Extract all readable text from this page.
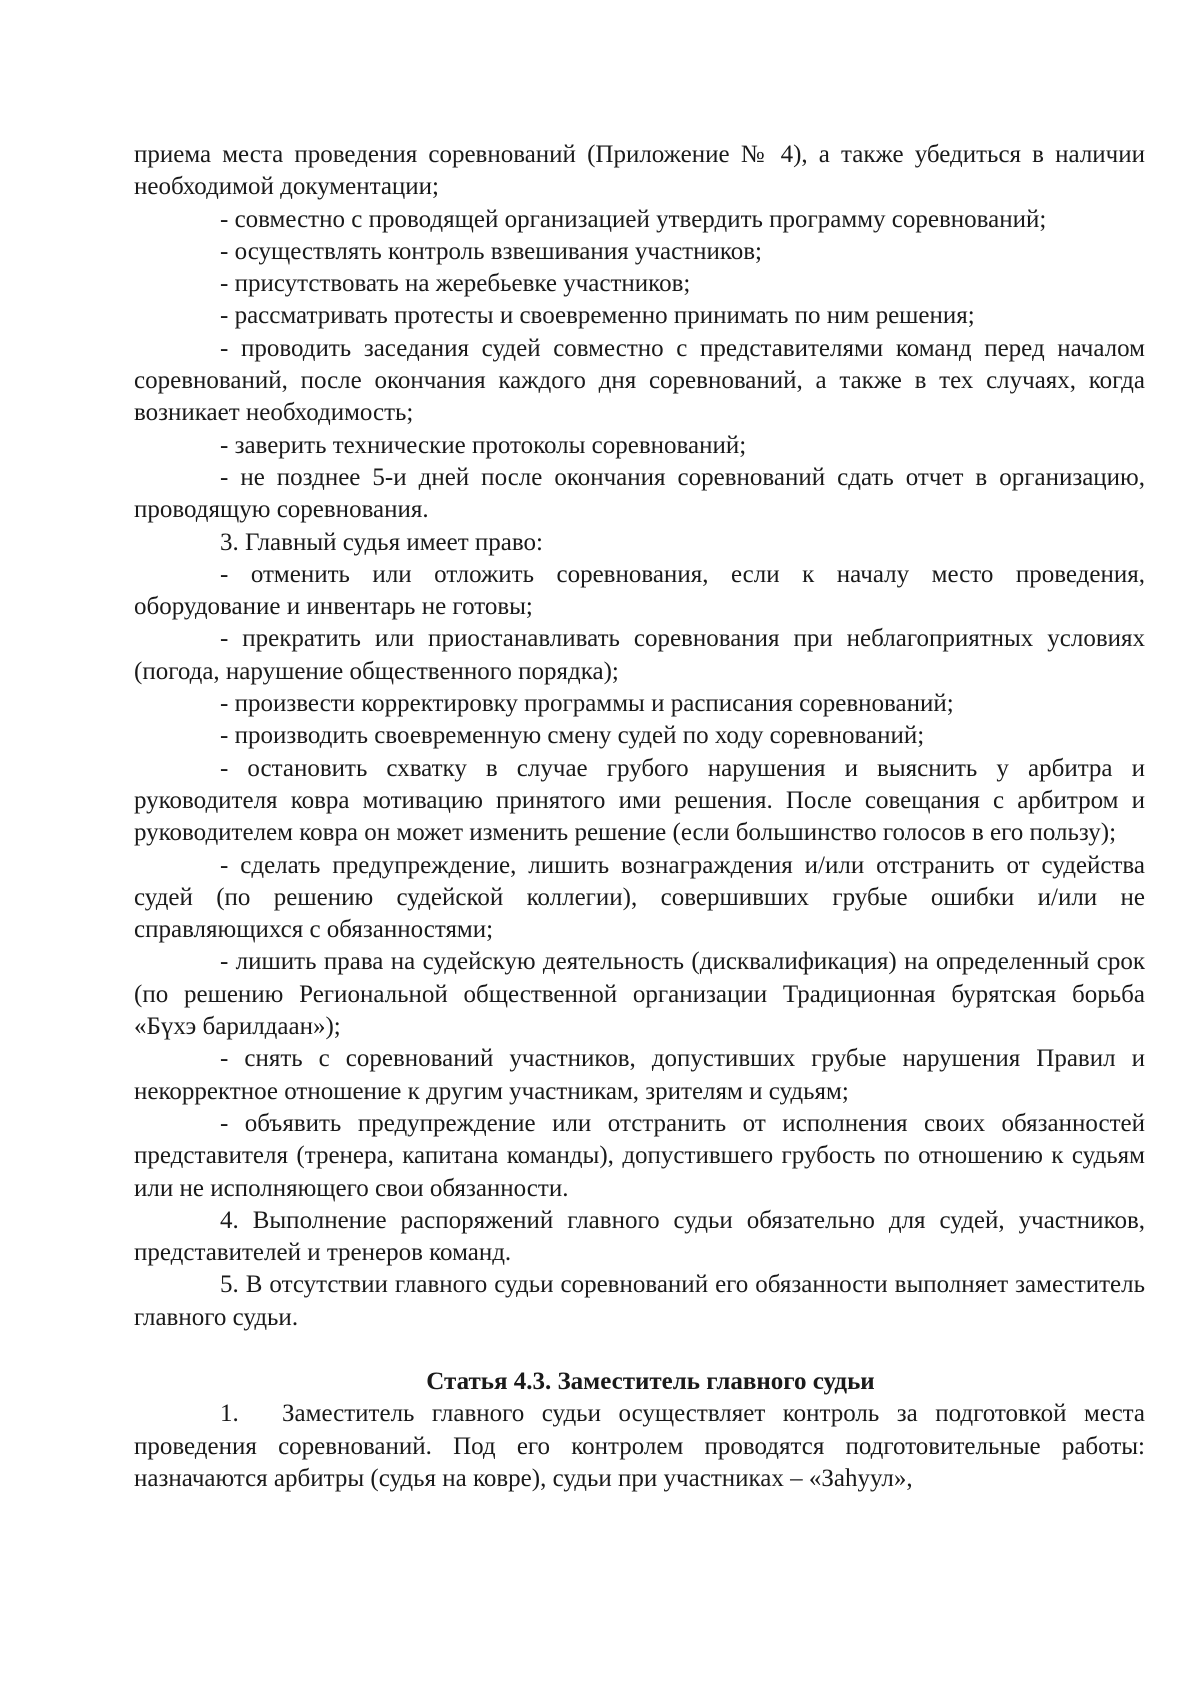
приема места проведения соревнований (Приложение № 4), а также убедиться в наличии необходимой документации;

- совместно с проводящей организацией утвердить программу соревнований;

- осуществлять контроль взвешивания участников;

- присутствовать на жеребьевке участников;

- рассматривать протесты и своевременно принимать по ним решения;

- проводить заседания судей совместно с представителями команд перед началом соревнований, после окончания каждого дня соревнований, а также в тех случаях, когда возникает необходимость;

- заверить технические протоколы соревнований;

- не позднее 5-и дней после окончания соревнований сдать отчет в организацию, проводящую соревнования.

3. Главный судья имеет право:

- отменить или отложить соревнования, если к началу место проведения, оборудование и инвентарь не готовы;

- прекратить или приостанавливать соревнования при неблагоприятных условиях (погода, нарушение общественного порядка);

- произвести корректировку программы и расписания соревнований;

- производить своевременную смену судей по ходу соревнований;

- остановить схватку в случае грубого нарушения и выяснить у арбитра и руководителя ковра мотивацию принятого ими решения. После совещания с арбитром и руководителем ковра он может изменить решение (если большинство голосов в его пользу);

- сделать предупреждение, лишить вознаграждения и/или отстранить от судейства судей (по решению судейской коллегии), совершивших грубые ошибки и/или не справляющихся с обязанностями;

- лишить права на судейскую деятельность (дисквалификация) на определенный срок (по решению Региональной общественной организации Традиционная бурятская борьба «Бүхэ барилдаан»);

- снять с соревнований участников, допустивших грубые нарушения Правил и некорректное отношение к другим участникам, зрителям и судьям;

- объявить предупреждение или отстранить от исполнения своих обязанностей представителя (тренера, капитана команды), допустившего грубость по отношению к судьям или не исполняющего свои обязанности.

4. Выполнение распоряжений главного судьи обязательно для судей, участников, представителей и тренеров команд.

5. В отсутствии главного судьи соревнований его обязанности выполняет заместитель главного судьи.

Статья 4.3. Заместитель главного судьи

1. Заместитель главного судьи осуществляет контроль за подготовкой места проведения соревнований. Под его контролем проводятся подготовительные работы: назначаются арбитры (судья на ковре), судьи при участниках – «Заhуул»,
